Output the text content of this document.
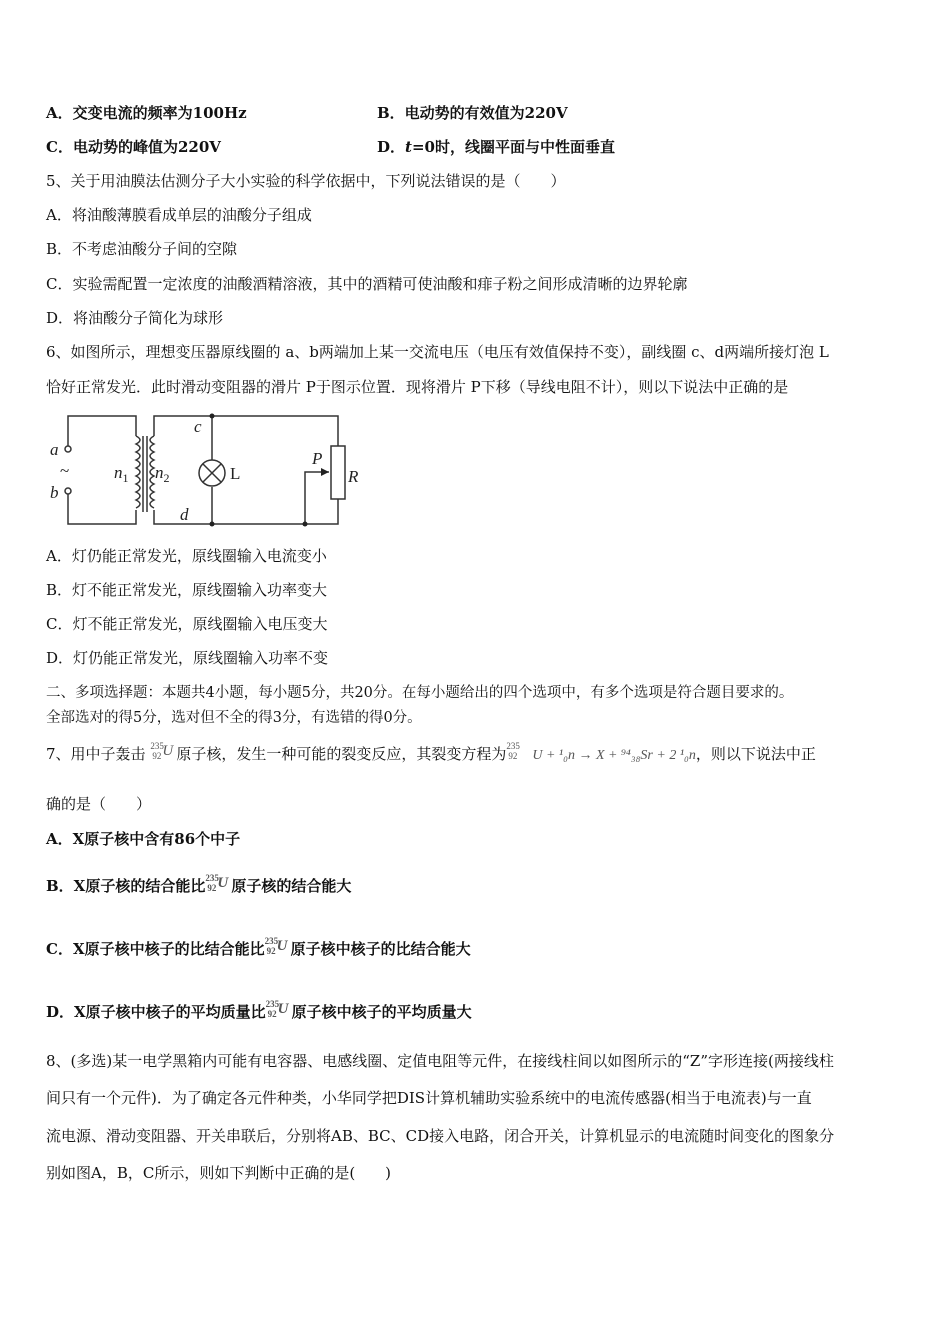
A．交变电流的频率为100Hz	B．电动势的有效值为220V
C．电动势的峰值为220V	D．t=0时，线圈平面与中性面垂直
5、关于用油膜法估测分子大小实验的科学依据中，下列说法错误的是（　　）
A．将油酸薄膜看成单层的油酸分子组成
B．不考虑油酸分子间的空隙
C．实验需配置一定浓度的油酸酒精溶液，其中的酒精可使油酸和痱子粉之间形成清晰的边界轮廓
D．将油酸分子简化为球形
6、如图所示，理想变压器原线圈的 a、b两端加上某一交流电压（电压有效值保持不变），副线圈 c、d两端所接灯泡 L
恰好正常发光．此时滑动变阻器的滑片 P于图示位置．现将滑片 P下移（导线电阻不计），则以下说法中正确的是
a
b
~	$n_1$ $n_2$
c
d
L
P
R
A．灯仍能正常发光，原线圈输入电流变小
B．灯不能正常发光，原线圈输入功率变大
C．灯不能正常发光，原线圈输入电压变大
D．灯仍能正常发光，原线圈输入功率不变
二、多项选择题：本题共4小题，每小题5分，共20分。在每小题给出的四个选项中，有多个选项是符合题目要求的。
全部选对的得5分，选对但不全的得3分，有选错的得0分。
7、用中子轰击 235
92 U 原子核，发生一种可能的裂变反应，其裂变方程为 235
92 U + ¹₀n → X + ⁹⁴₃₈Sr + 2 ¹₀n，则以下说法中正
确的是（　　）
A．X原子核中含有86个中子
B．X原子核的结合能比 235
92 U 原子核的结合能大
C．X原子核中核子的比结合能比 235
92 U 原子核中核子的比结合能大
D．X原子核中核子的平均质量比 235
92 U 原子核中核子的平均质量大
8、(多选)某一电学黑箱内可能有电容器、电感线圈、定值电阻等元件，在接线柱间以如图所示的“Z”字形连接(两接线柱
间只有一个元件)．为了确定各元件种类，小华同学把DIS计算机辅助实验系统中的电流传感器(相当于电流表)与一直
流电源、滑动变阻器、开关串联后，分别将AB、BC、CD接入电路，闭合开关，计算机显示的电流随时间变化的图象分
别如图A，B，C所示，则如下判断中正确的是(　　)
